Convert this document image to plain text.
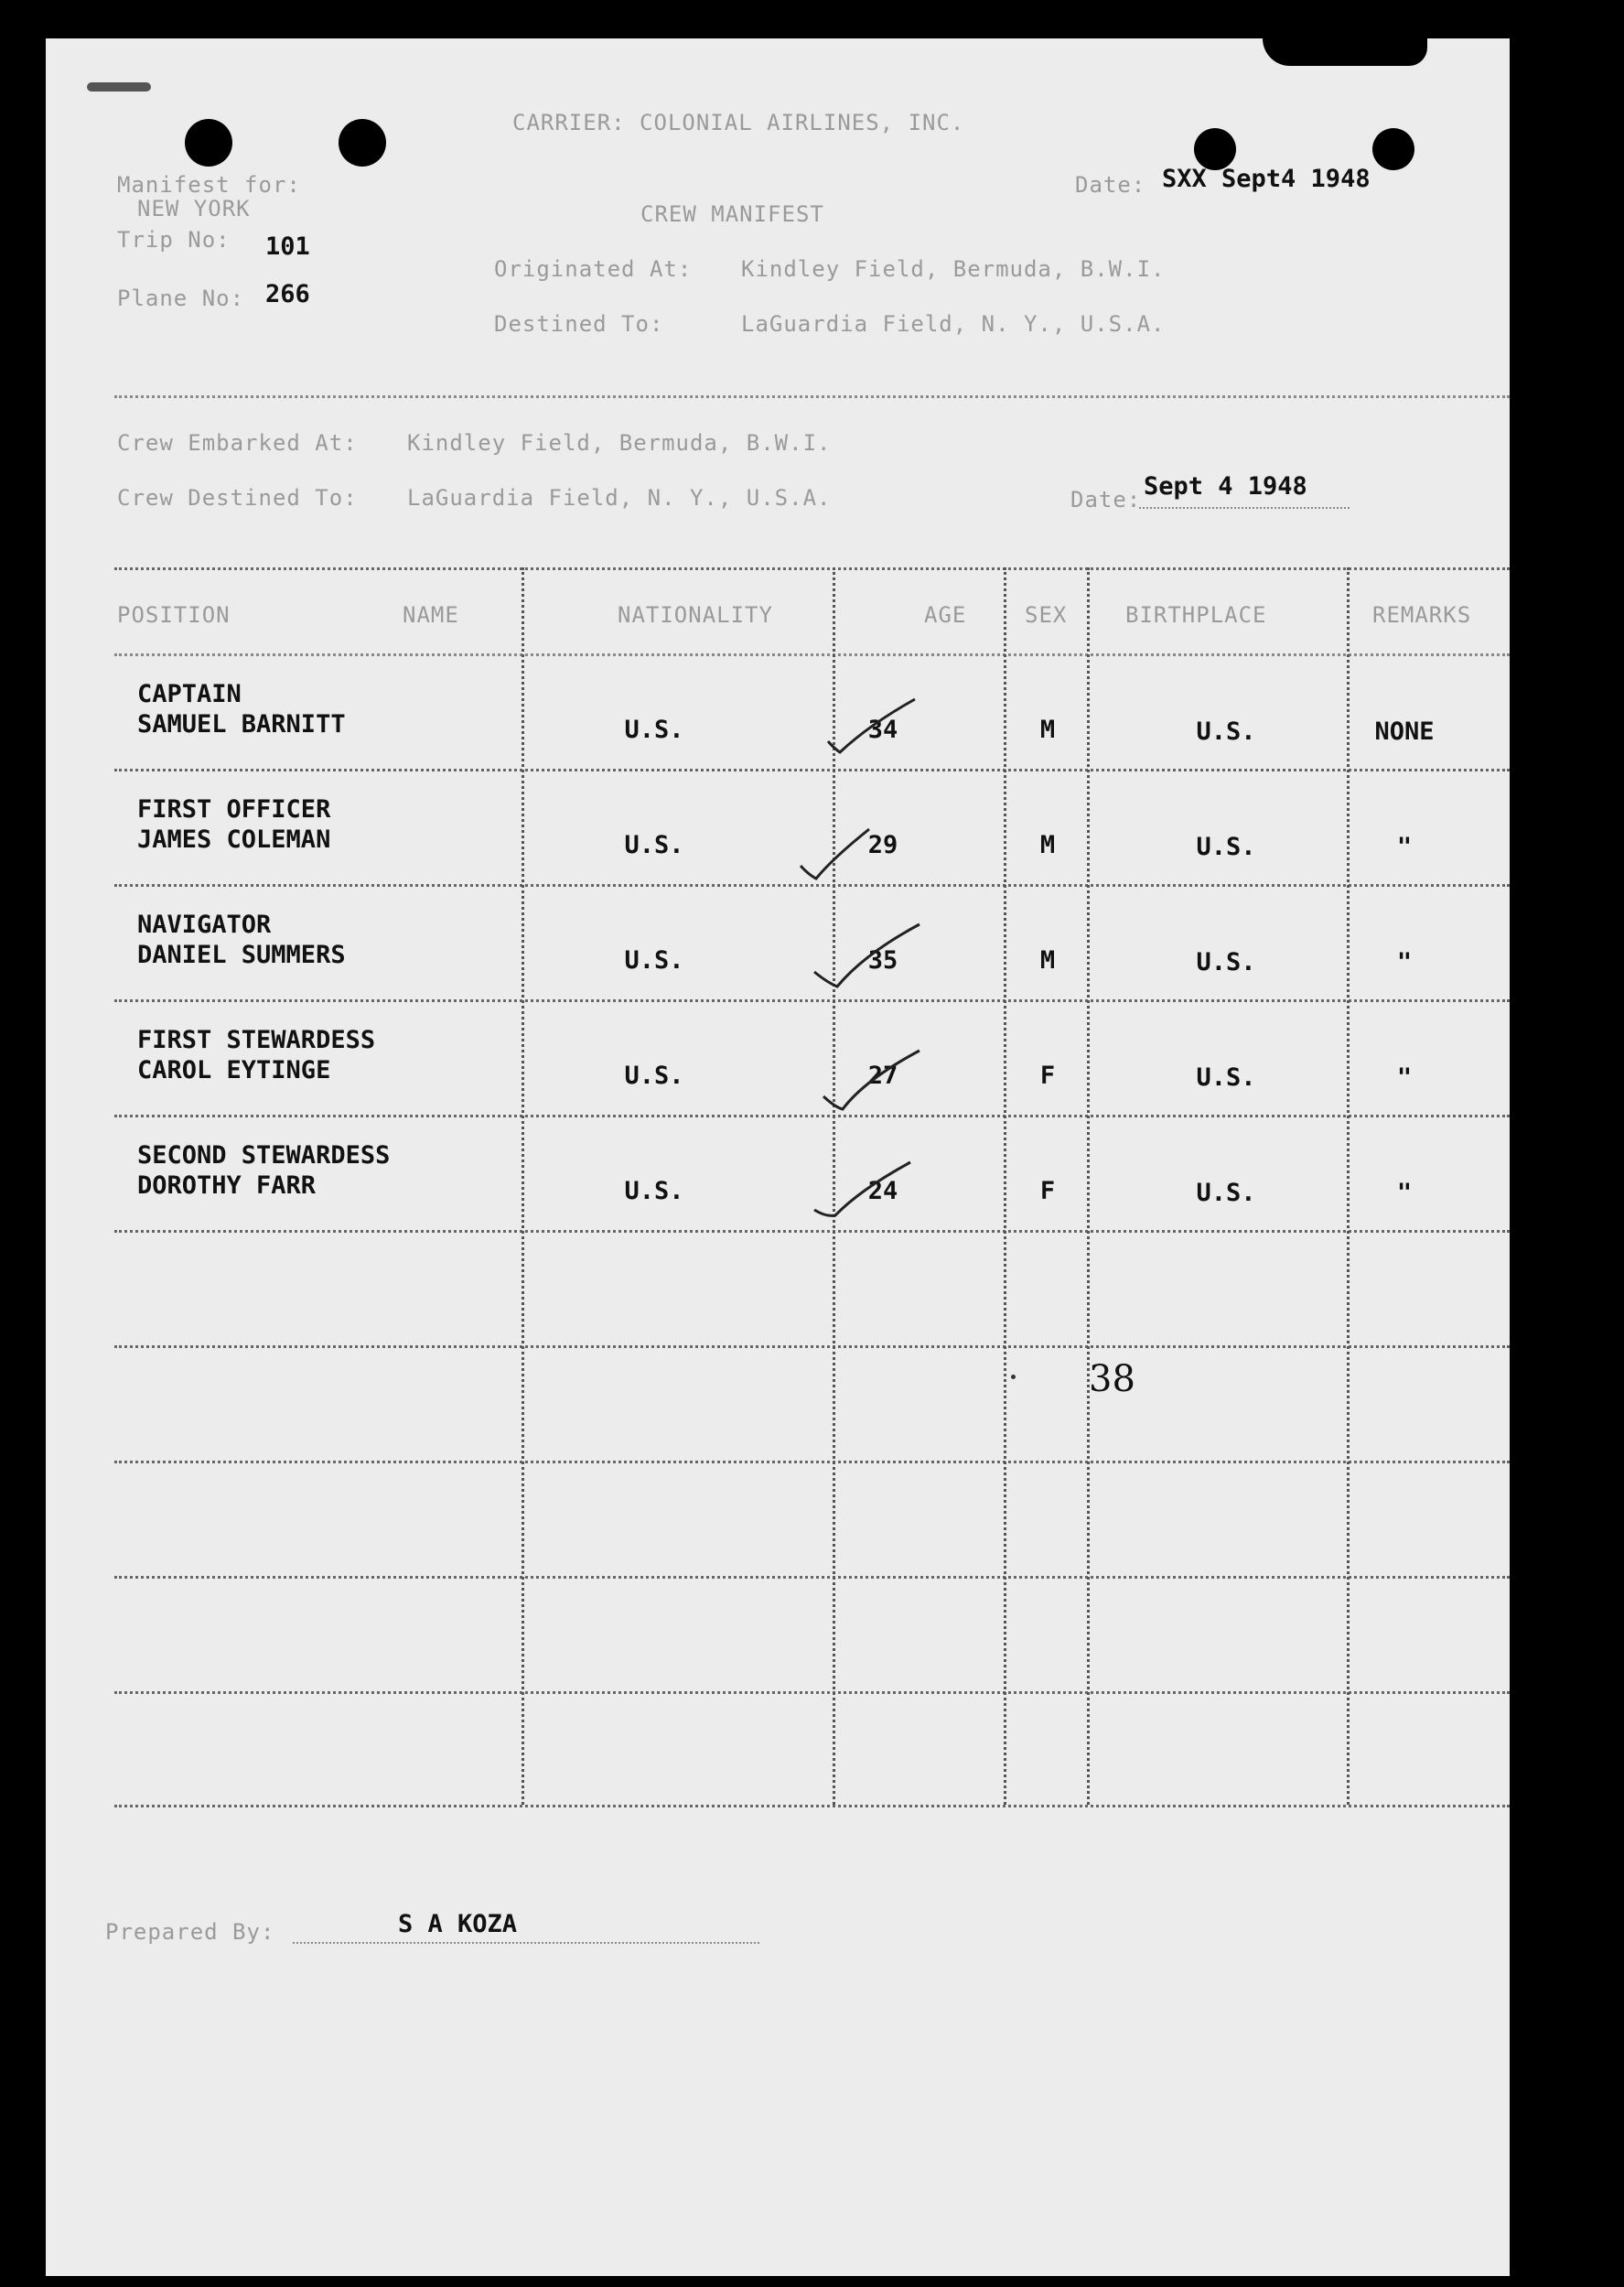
CARRIER: COLONIAL AIRLINES, INC.
Manifest for:
NEW YORK
Trip No: 101
Plane No: 266
CREW MANIFEST
Date: SXX Sept4 1948
Originated At: Kindley Field, Bermuda, B.W.I.
Destined To:	LaGuardia Field, N. Y., U.S.A.
Crew Embarked At: Kindley Field, Bermuda, B.W.I.
Crew Destined To: LaGuardia Field, N. Y., U.S.A.	Date: Sept 4 1948
POSITION	NAME	NATIONALITY	AGE	SEX	BIRTHPLACE	REMARKS
CAPTAIN
SAMUEL BARNITT	U.S.	34	M	U.S.	NONE
FIRST OFFICER
JAMES COLEMAN	U.S.	29	M	U.S.	"
NAVIGATOR
DANIEL SUMMERS	U.S.	35	M	U.S.	"
FIRST STEWARDESS
CAROL EYTINGE	U.S.	27	F	U.S.	"
SECOND STEWARDESS
DOROTHY FARR	U.S.	24	F	U.S.	"
38
Prepared By:	S A KOZA
